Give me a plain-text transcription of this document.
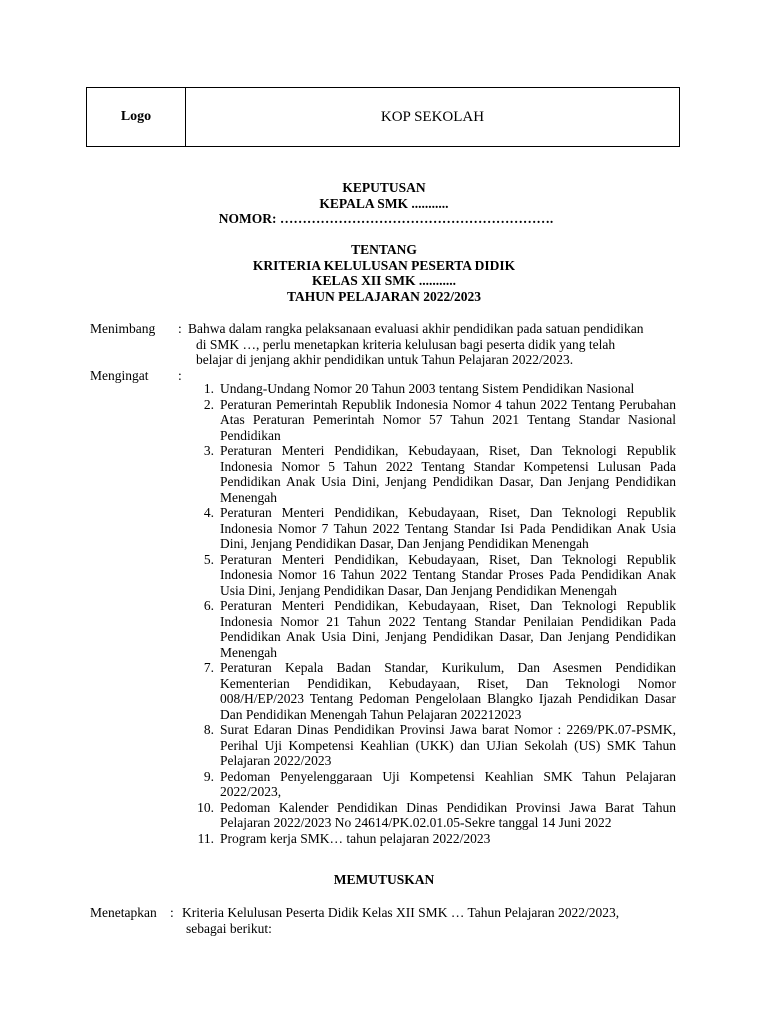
Logo	KOP SEKOLAH
KEPUTUSAN
KEPALA SMK ...........
NOMOR: …………………………………………………….
TENTANG
KRITERIA KELULUSAN PESERTA DIDIK
KELAS XII SMK ...........
TAHUN PELAJARAN 2022/2023
Menimbang	: Bahwa dalam rangka pelaksanaan evaluasi akhir pendidikan pada satuan pendidikan
di SMK …, perlu menetapkan kriteria kelulusan bagi peserta didik yang telah
belajar di jenjang akhir pendidikan untuk Tahun Pelajaran 2022/2023.
Mengingat	:
1. Undang-Undang Nomor 20 Tahun 2003 tentang Sistem Pendidikan Nasional
2. Peraturan Pemerintah Republik Indonesia Nomor 4 tahun 2022 Tentang Perubahan Atas Peraturan Pemerintah Nomor 57 Tahun 2021 Tentang Standar Nasional Pendidikan
3. Peraturan Menteri Pendidikan, Kebudayaan, Riset, Dan Teknologi Republik Indonesia Nomor 5 Tahun 2022 Tentang Standar Kompetensi Lulusan Pada Pendidikan Anak Usia Dini, Jenjang Pendidikan Dasar, Dan Jenjang Pendidikan Menengah
4. Peraturan Menteri Pendidikan, Kebudayaan, Riset, Dan Teknologi Republik Indonesia Nomor 7 Tahun 2022 Tentang Standar Isi Pada Pendidikan Anak Usia Dini, Jenjang Pendidikan Dasar, Dan Jenjang Pendidikan Menengah
5. Peraturan Menteri Pendidikan, Kebudayaan, Riset, Dan Teknologi Republik Indonesia Nomor 16 Tahun 2022 Tentang Standar Proses Pada Pendidikan Anak Usia Dini, Jenjang Pendidikan Dasar, Dan Jenjang Pendidikan Menengah
6. Peraturan Menteri Pendidikan, Kebudayaan, Riset, Dan Teknologi Republik Indonesia Nomor 21 Tahun 2022 Tentang Standar Penilaian Pendidikan Pada Pendidikan Anak Usia Dini, Jenjang Pendidikan Dasar, Dan Jenjang Pendidikan Menengah
7. Peraturan Kepala Badan Standar, Kurikulum, Dan Asesmen Pendidikan Kementerian Pendidikan, Kebudayaan, Riset, Dan Teknologi Nomor 008/H/EP/2023 Tentang Pedoman Pengelolaan Blangko Ijazah Pendidikan Dasar Dan Pendidikan Menengah Tahun Pelajaran 202212023
8. Surat Edaran Dinas Pendidikan Provinsi Jawa barat Nomor : 2269/PK.07-PSMK, Perihal Uji Kompetensi Keahlian (UKK) dan UJian Sekolah (US) SMK Tahun Pelajaran 2022/2023
9. Pedoman Penyelenggaraan Uji Kompetensi Keahlian SMK Tahun Pelajaran 2022/2023,
10. Pedoman Kalender Pendidikan Dinas Pendidikan Provinsi Jawa Barat Tahun Pelajaran 2022/2023 No 24614/PK.02.01.05-Sekre tanggal 14 Juni 2022
11. Program kerja SMK… tahun pelajaran 2022/2023
MEMUTUSKAN
Menetapkan : Kriteria Kelulusan Peserta Didik Kelas XII SMK … Tahun Pelajaran 2022/2023,
sebagai berikut:
